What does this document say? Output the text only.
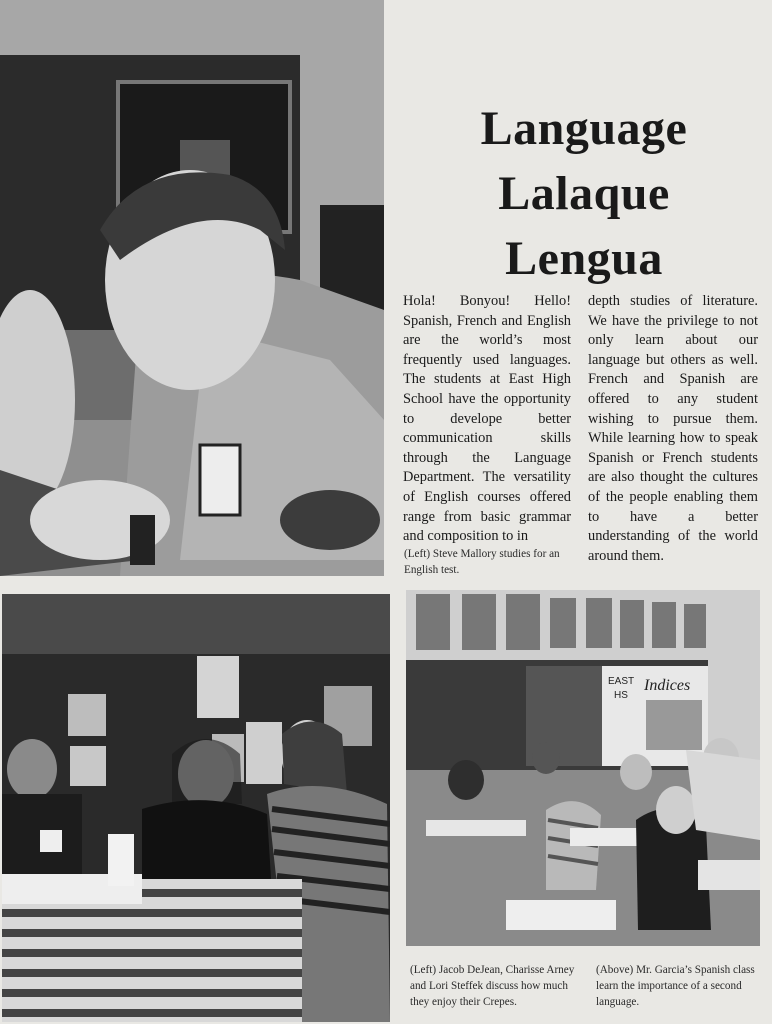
Language
Lalaque
Lengua
Hola! Bonyou! Hello! Spanish, French and English are the world’s most frequently used languages. The students at East High School have the opportunity to develope better communication skills through the Language Department. The versatility of English courses offered range from basic grammar and composition to in
depth studies of literature. We have the privilege to not only learn about our language but others as well. French and Spanish are offered to any student wishing to pursue them. While learning how to speak Spanish or French students are also thought the cultures of the people enabling them to have a better understanding of the world around them.
(Left) Steve Mallory studies for an English test.
EAST
HS
Indices
(Left) Jacob DeJean, Charisse Arney and Lori Steffek discuss how much they enjoy their Crepes.
(Above) Mr. Garcia’s Spanish class learn the importance of a second language.
